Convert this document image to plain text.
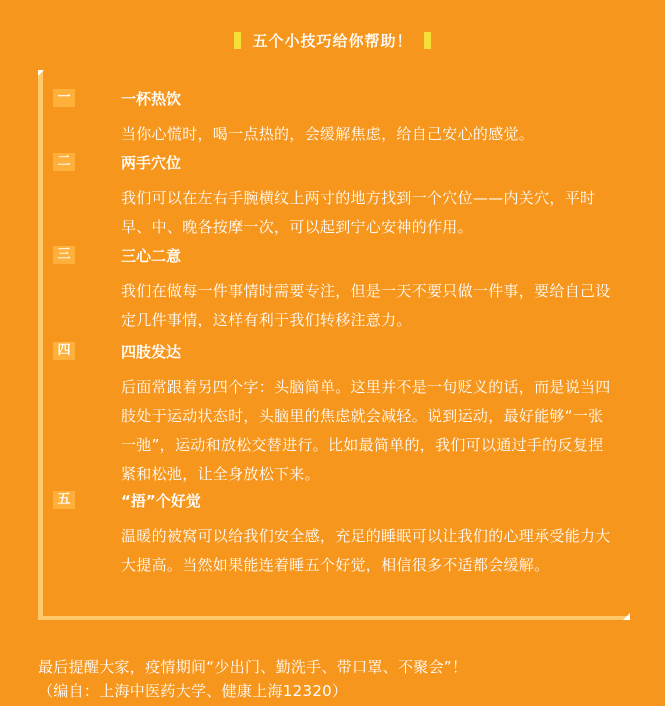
五个小技巧给你帮助！
一	一杯热饮
当你心慌时，喝一点热的，会缓解焦虑，给自己安心的感觉。
二	两手穴位
我们可以在左右手腕横纹上两寸的地方找到一个穴位——内关穴，平时早、中、晚各按摩一次，可以起到宁心安神的作用。
三	三心二意
我们在做每一件事情时需要专注，但是一天不要只做一件事，要给自己设定几件事情，这样有利于我们转移注意力。
四	四肢发达
后面常跟着另四个字：头脑简单。这里并不是一句贬义的话，而是说当四肢处于运动状态时，头脑里的焦虑就会减轻。说到运动，最好能够“一张一弛”，运动和放松交替进行。比如最简单的，我们可以通过手的反复捏紧和松弛，让全身放松下来。
五	“捂”个好觉
温暖的被窝可以给我们安全感，充足的睡眠可以让我们的心理承受能力大大提高。当然如果能连着睡五个好觉，相信很多不适都会缓解。
最后提醒大家，疫情期间“少出门、勤洗手、带口罩、不聚会”！
（编自：上海中医药大学、健康上海12320）
